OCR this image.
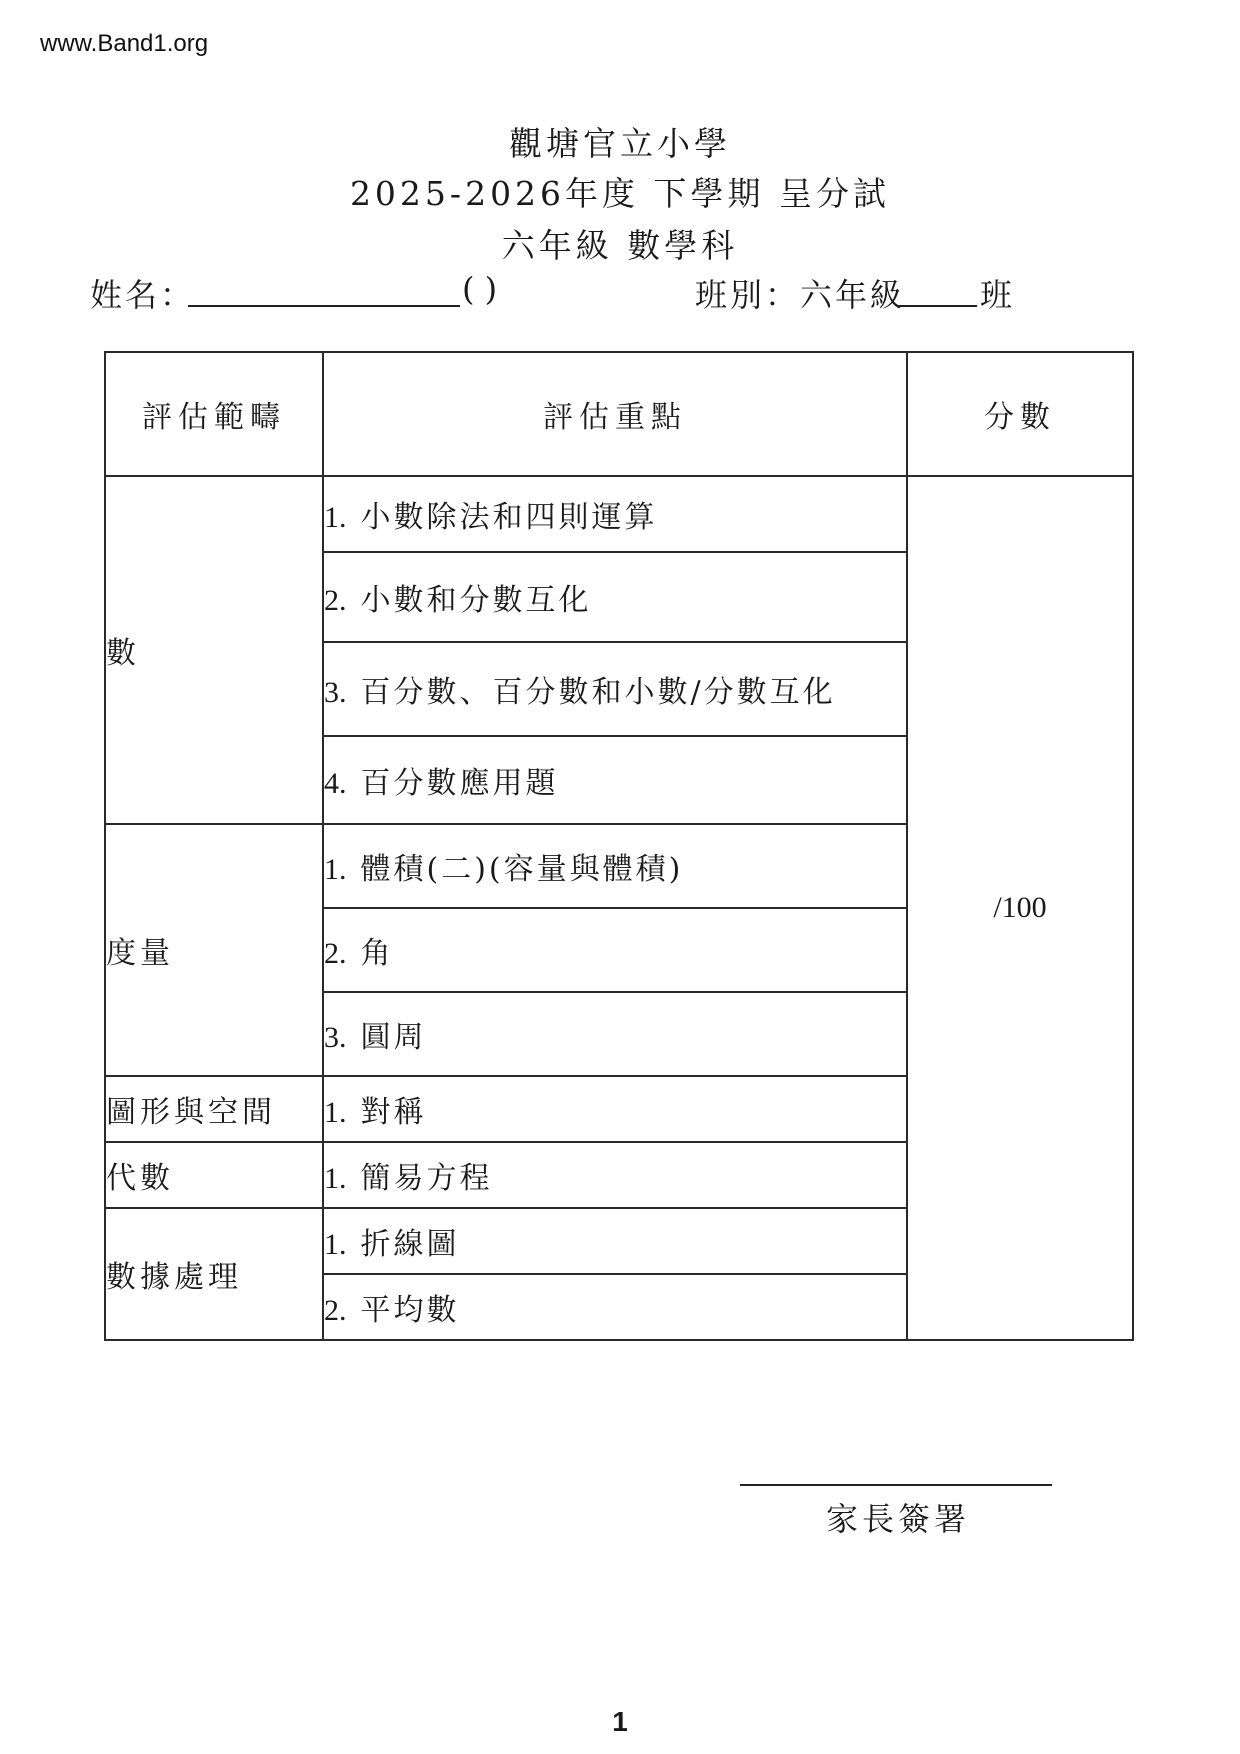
www.Band1.org
觀塘官立小學
2025-2026年度 下學期 呈分試
六年級 數學科
姓名：	( )	班別：六年級 班
評估範疇	評估重點	分數
數	1. 小數除法和四則運算	/100
	2. 小數和分數互化	
	3. 百分數、百分數和小數/分數互化	
	4. 百分數應用題	
度量	1. 體積(二)(容量與體積)	
	2. 角	
	3. 圓周	
圖形與空間	1. 對稱	
代數	1. 簡易方程	
數據處理	1. 折線圖	
	2. 平均數	
家長簽署
1
